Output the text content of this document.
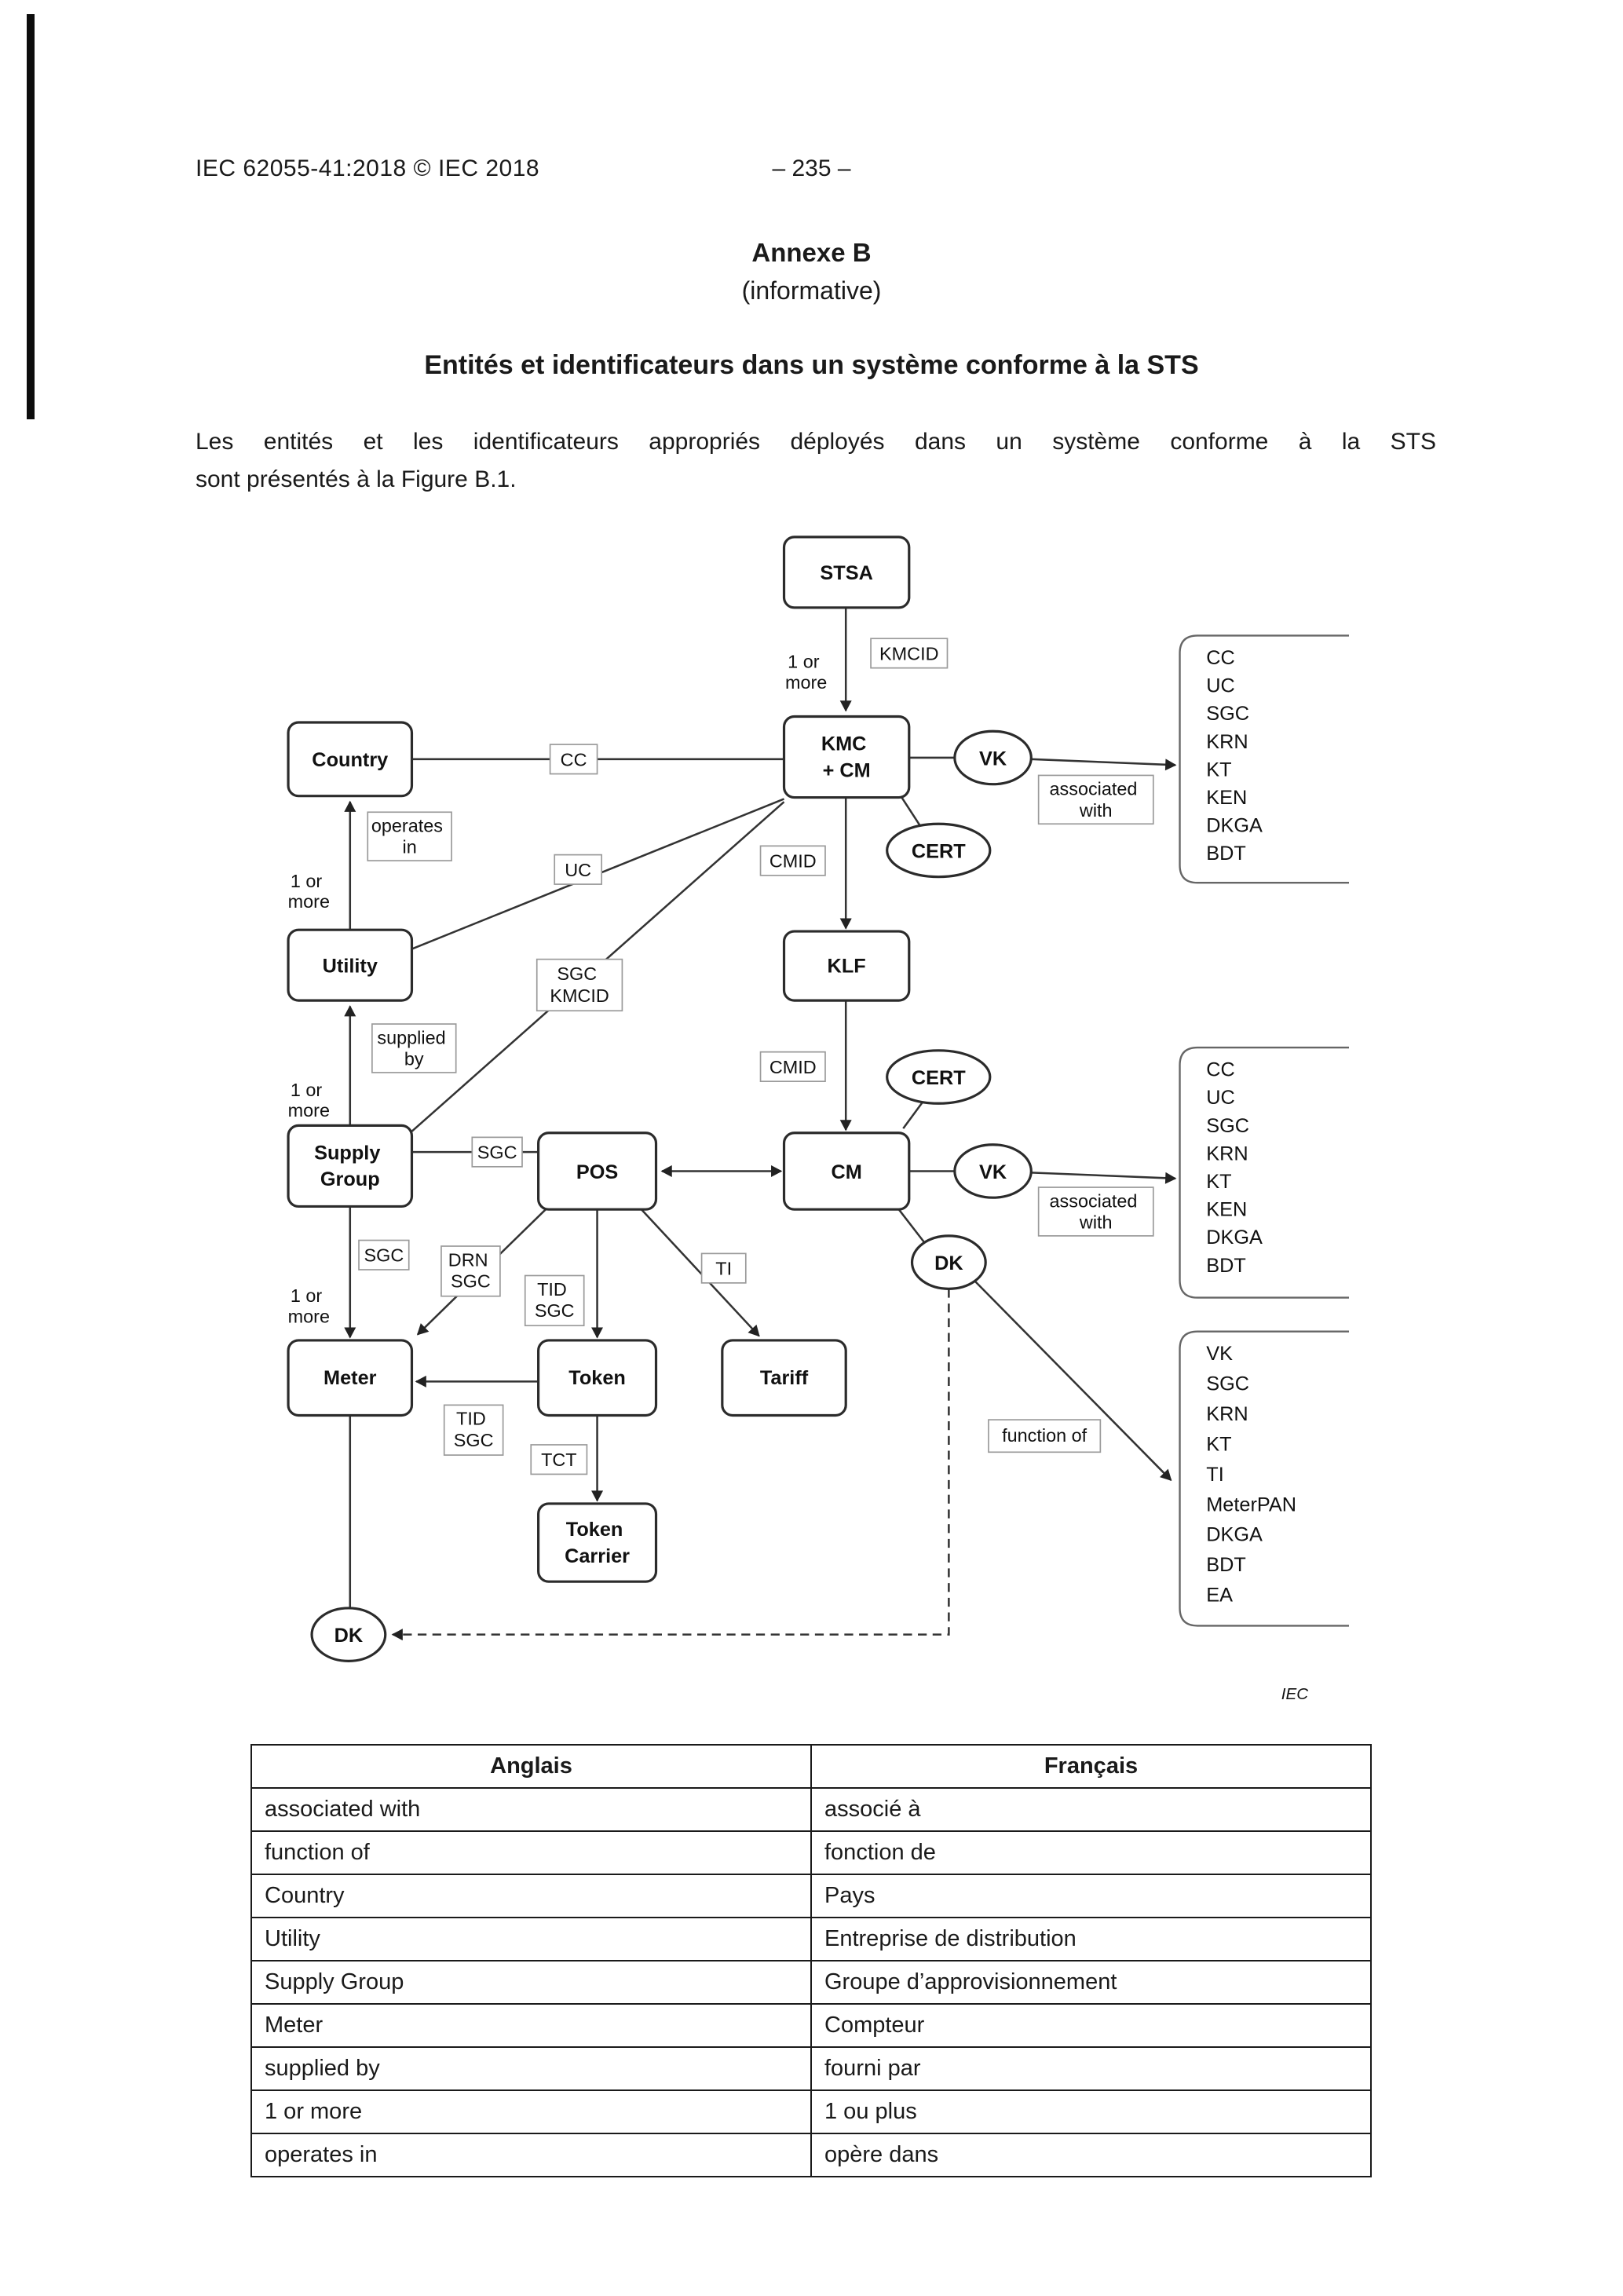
IEC 62055-41:2018 © IEC 2018	– 235 –
Annexe B
(informative)
Entités et identificateurs dans un système conforme à la STS

Les entités et les identificateurs appropriés déployés dans un système conforme à la STS
sont présentés à la Figure B.1.

KMCID
CC
UC
operates in
supplied by
SGC KMCID
CMID
CMID
SGC
SGC	DRN SGC	TID SGC
TID SGC
TI
TCT
associated with
associated with
function of
1 or more
1 or more
1 or more
1 or more
STSA
KMC + CM
Country
KLF
Utility
Supply Group	POS	CM
Meter	Token	Tariff
Token Carrier
VK
CERT
CERT
VK
DK
DK
CC
UC
SGC
KRN
KT
KEN
DKGA
BDT
CC
UC
SGC
KRN
KT
KEN
DKGA
BDT
VK
SGC
KRN
KT
TI
MeterPAN
DKGA
BDT
EA
IEC
Anglais	Français
associated with	associé à
function of	fonction de
Country	Pays
Utility	Entreprise de distribution
Supply Group	Groupe d’approvisionnement
Meter	Compteur
supplied by	fourni par
1 or more	1 ou plus
operates in	opère dans
